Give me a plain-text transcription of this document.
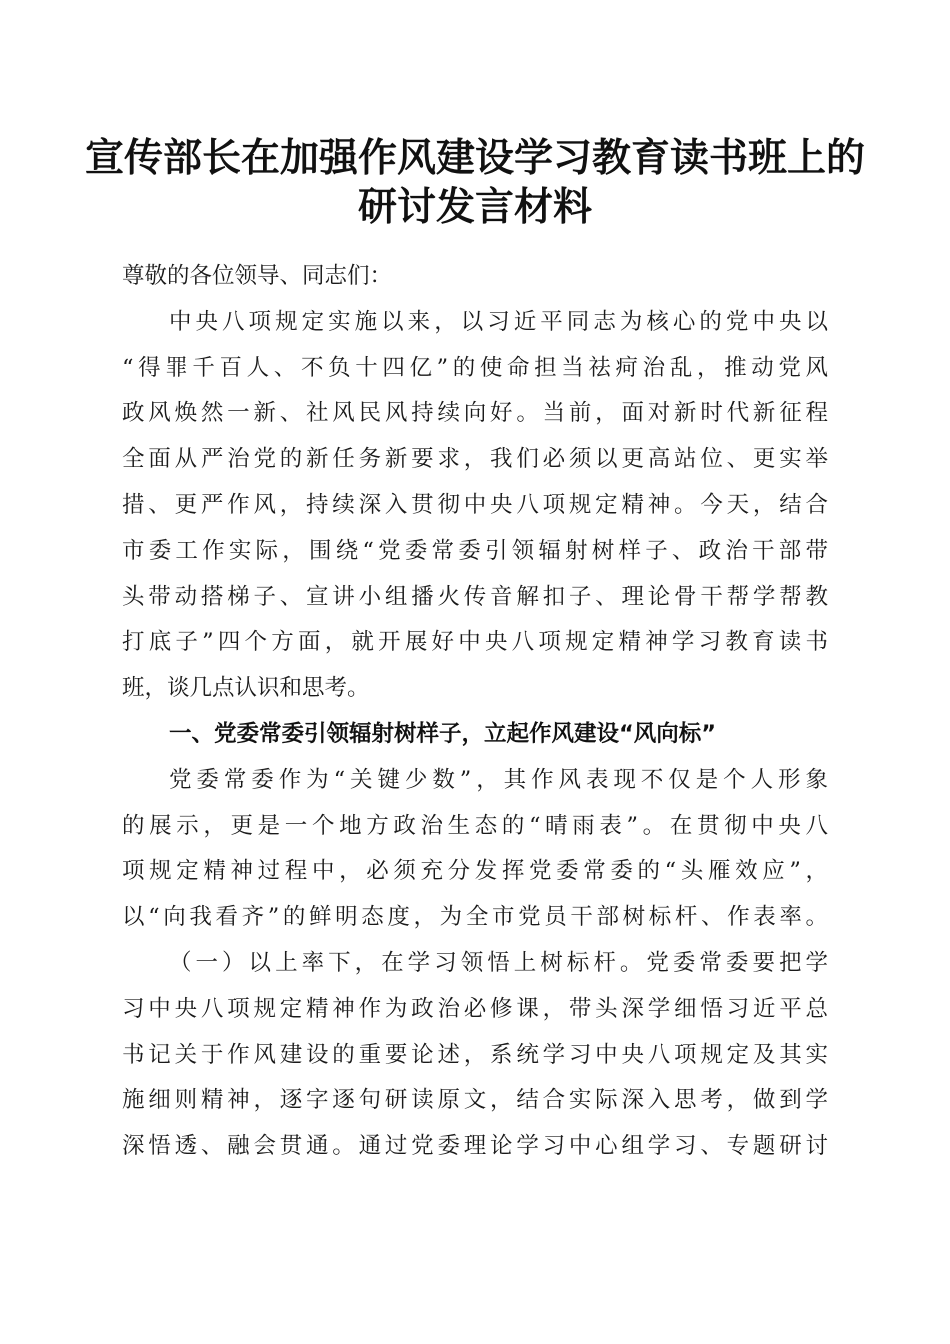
宣传部长在加强作风建设学习教育读书班上的
研讨发言材料
尊敬的各位领导、同志们：
中央八项规定实施以来，以习近平同志为核心的党中央以
“得罪千百人、不负十四亿”的使命担当祛疴治乱，推动党风
政风焕然一新、社风民风持续向好。当前，面对新时代新征程
全面从严治党的新任务新要求，我们必须以更高站位、更实举
措、更严作风，持续深入贯彻中央八项规定精神。今天，结合
市委工作实际，围绕“党委常委引领辐射树样子、政治干部带
头带动搭梯子、宣讲小组播火传音解扣子、理论骨干帮学帮教
打底子”四个方面，就开展好中央八项规定精神学习教育读书
班，谈几点认识和思考。
一、党委常委引领辐射树样子，立起作风建设“风向标”
党委常委作为“关键少数”，其作风表现不仅是个人形象
的展示，更是一个地方政治生态的“晴雨表”。在贯彻中央八
项规定精神过程中，必须充分发挥党委常委的“头雁效应”，
以“向我看齐”的鲜明态度，为全市党员干部树标杆、作表率。
（一）以上率下，在学习领悟上树标杆。党委常委要把学
习中央八项规定精神作为政治必修课，带头深学细悟习近平总
书记关于作风建设的重要论述，系统学习中央八项规定及其实
施细则精神，逐字逐句研读原文，结合实际深入思考，做到学
深悟透、融会贯通。通过党委理论学习中心组学习、专题研讨
